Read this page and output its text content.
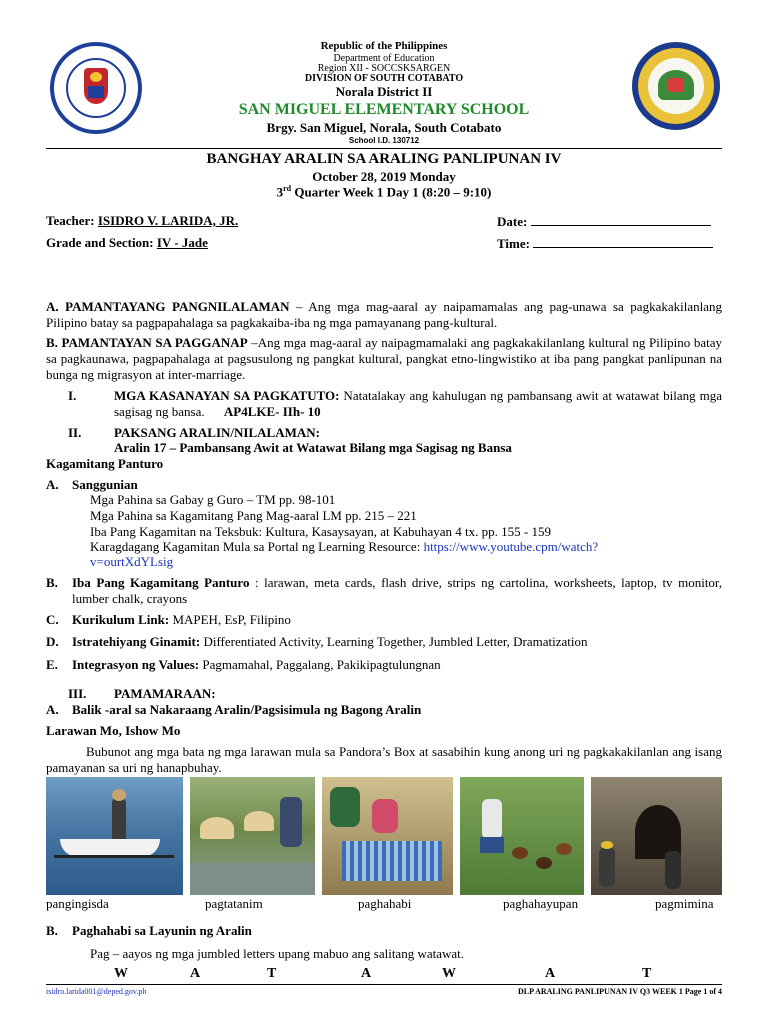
Republic of the Philippines
Department of Education
Region XII - SOCCSKSARGEN
DIVISION OF SOUTH COTABATO
Norala District II
SAN MIGUEL ELEMENTARY SCHOOL
Brgy. San Miguel, Norala, South Cotabato
School I.D. 130712
BANGHAY ARALIN SA ARALING PANLIPUNAN IV
October 28, 2019 Monday
3rd Quarter Week 1 Day 1 (8:20 – 9:10)
Teacher: ISIDRO V. LARIDA, JR.
Grade and Section: IV - Jade
Date:
Time:
A. PAMANTAYANG PANGNILALAMAN – Ang mga mag-aaral ay naipamamalas ang pag-unawa sa pagkakakilanlang Pilipino batay sa pagpapahalaga sa pagkakaiba-iba ng mga pamayanang pang-kultural.
B. PAMANTAYAN SA PAGGANAP –Ang mga mag-aaral ay naipagmamalaki ang pagkakakilanlang kultural ng Pilipino batay sa pagkaunawa, pagpapahalaga at pagsusulong ng pangkat kultural, pangkat etno-lingwistiko at iba pang pangkat panlipunan na bunga ng migrasyon at inter-marriage.
I.	MGA KASANAYAN SA PAGKATUTO: Natatalakay ang kahulugan ng pambansang awit at watawat bilang mga sagisag ng bansa. AP4LKE- IIh- 10
II.	PAKSANG ARALIN/NILALAMAN:
Aralin 17 – Pambansang Awit at Watawat Bilang mga Sagisag ng Bansa
Kagamitang Panturo
A. Sanggunian
Mga Pahina sa Gabay g Guro – TM pp. 98-101
Mga Pahina sa Kagamitang Pang Mag-aaral LM pp. 215 – 221
Iba Pang Kagamitan na Teksbuk: Kultura, Kasaysayan, at Kabuhayan 4 tx. pp. 155 - 159
Karagdagang Kagamitan Mula sa Portal ng Learning Resource: https://www.youtube.cpm/watch?
v=ourtXdYLsig
B. Iba Pang Kagamitang Panturo : larawan, meta cards, flash drive, strips ng cartolina, worksheets, laptop, tv monitor, lumber chalk, crayons
C. Kurikulum Link: MAPEH, EsP, Filipino
D. Istratehiyang Ginamit: Differentiated Activity, Learning Together, Jumbled Letter, Dramatization
E. Integrasyon ng Values: Pagmamahal, Paggalang, Pakikipagtulungnan
III. PAMAMARAAN:
A. Balik -aral sa Nakaraang Aralin/Pagsisimula ng Bagong Aralin
Larawan Mo, Ishow Mo
Bubunot ang mga bata ng mga larawan mula sa Pandora’s Box at sasabihin kung anong uri ng pagkakakilanlan ang isang pamayanan sa uri ng hanapbuhay.
pangingisda	pagtatanim	paghahabi	paghahayupan	pagmimina
B. Paghahabi sa Layunin ng Aralin
Pag – aayos ng mga jumbled letters upang mabuo ang salitang watawat.
W	A	T	A	W	A	T
isidro.larida001@deped.gov.ph	DLP ARALING PANLIPUNAN IV Q3 WEEK 1 Page 1 of 4
